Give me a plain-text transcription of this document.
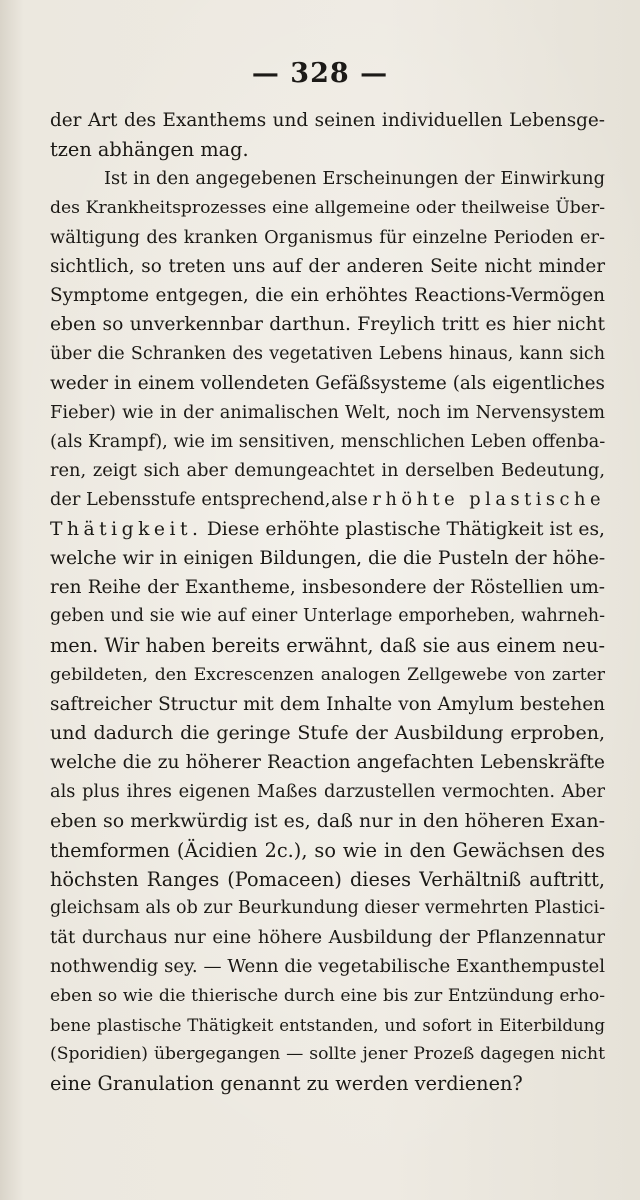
— 328 —
der Art des Exanthems und seinen individuellen Lebensge-
tzen abhängen mag.
Ist in den angegebenen Erscheinungen der Einwirkung
des Krankheitsprozesses eine allgemeine oder theilweise Über-
wältigung des kranken Organismus für einzelne Perioden er-
sichtlich, so treten uns auf der anderen Seite nicht minder
Symptome entgegen, die ein erhöhtes Reactions-Vermögen
eben so unverkennbar darthun. Freylich tritt es hier nicht
über die Schranken des vegetativen Lebens hinaus, kann sich
weder in einem vollendeten Gefäßsysteme (als eigentliches
Fieber) wie in der animalischen Welt, noch im Nervensystem
(als Krampf), wie im sensitiven, menschlichen Leben offenba-
ren, zeigt sich aber demungeachtet in derselben Bedeutung,
der Lebensstufe entsprechend, als erhöhte plastische
Thätigkeit. Diese erhöhte plastische Thätigkeit ist es,
welche wir in einigen Bildungen, die die Pusteln der höhe-
ren Reihe der Exantheme, insbesondere der Röstellien um-
geben und sie wie auf einer Unterlage emporheben, wahrneh-
men. Wir haben bereits erwähnt, daß sie aus einem neu-
gebildeten, den Excrescenzen analogen Zellgewebe von zarter
saftreicher Structur mit dem Inhalte von Amylum bestehen
und dadurch die geringe Stufe der Ausbildung erproben,
welche die zu höherer Reaction angefachten Lebenskräfte
als plus ihres eigenen Maßes darzustellen vermochten. Aber
eben so merkwürdig ist es, daß nur in den höheren Exan-
themformen (Äcidien 2c.), so wie in den Gewächsen des
höchsten Ranges (Pomaceen) dieses Verhältniß auftritt,
gleichsam als ob zur Beurkundung dieser vermehrten Plastici-
tät durchaus nur eine höhere Ausbildung der Pflanzennatur
nothwendig sey. — Wenn die vegetabilische Exanthempustel
eben so wie die thierische durch eine bis zur Entzündung erho-
bene plastische Thätigkeit entstanden, und sofort in Eiterbildung
(Sporidien) übergegangen — sollte jener Prozeß dagegen nicht
eine Granulation genannt zu werden verdienen?
